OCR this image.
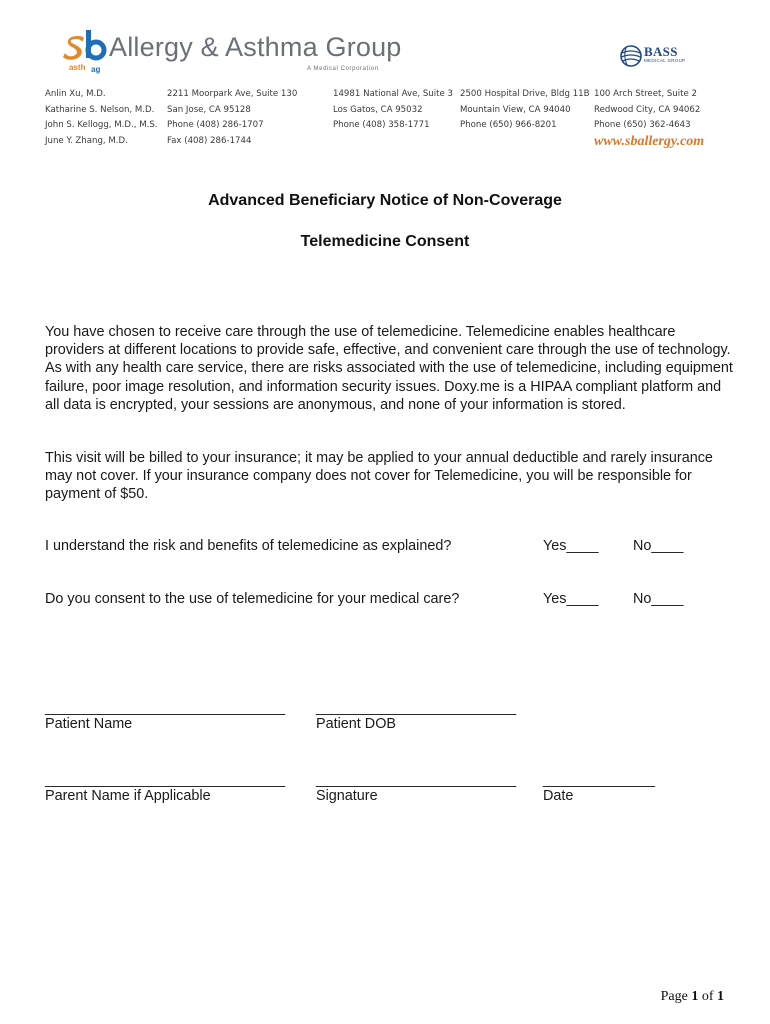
asth ag
Allergy & Asthma Group
A Medical Corporation
BASS
MEDICAL GROUP
Anlin Xu, M.D.
Katharine S. Nelson, M.D.
John S. Kellogg, M.D., M.S.
June Y. Zhang, M.D.
2211 Moorpark Ave, Suite 130
San Jose, CA 95128
Phone (408) 286-1707
Fax (408) 286-1744
14981 National Ave, Suite 3
Los Gatos, CA 95032
Phone (408) 358-1771
2500 Hospital Drive, Bldg 11B
Mountain View, CA 94040
Phone (650) 966-8201
100 Arch Street, Suite 2
Redwood City, CA 94062
Phone (650) 362-4643
www.sballergy.com
Advanced Beneficiary Notice of Non-Coverage
Telemedicine Consent
You have chosen to receive care through the use of telemedicine. Telemedicine enables healthcare providers at different locations to provide safe, effective, and convenient care through the use of technology. As with any health care service, there are risks associated with the use of telemedicine, including equipment failure, poor image resolution, and information security issues. Doxy.me is a HIPAA compliant platform and all data is encrypted, your sessions are anonymous, and none of your information is stored.
This visit will be billed to your insurance; it may be applied to your annual deductible and rarely insurance may not cover. If your insurance company does not cover for Telemedicine, you will be responsible for payment of $50.
I understand the risk and benefits of telemedicine as explained?	Yes____ No____
Do you consent to the use of telemedicine for your medical care?	Yes____ No____
______________________________
Patient Name
_________________________
Patient DOB
______________________________
Parent Name if Applicable
_________________________
Signature
______________
Date
Page 1 of 1
